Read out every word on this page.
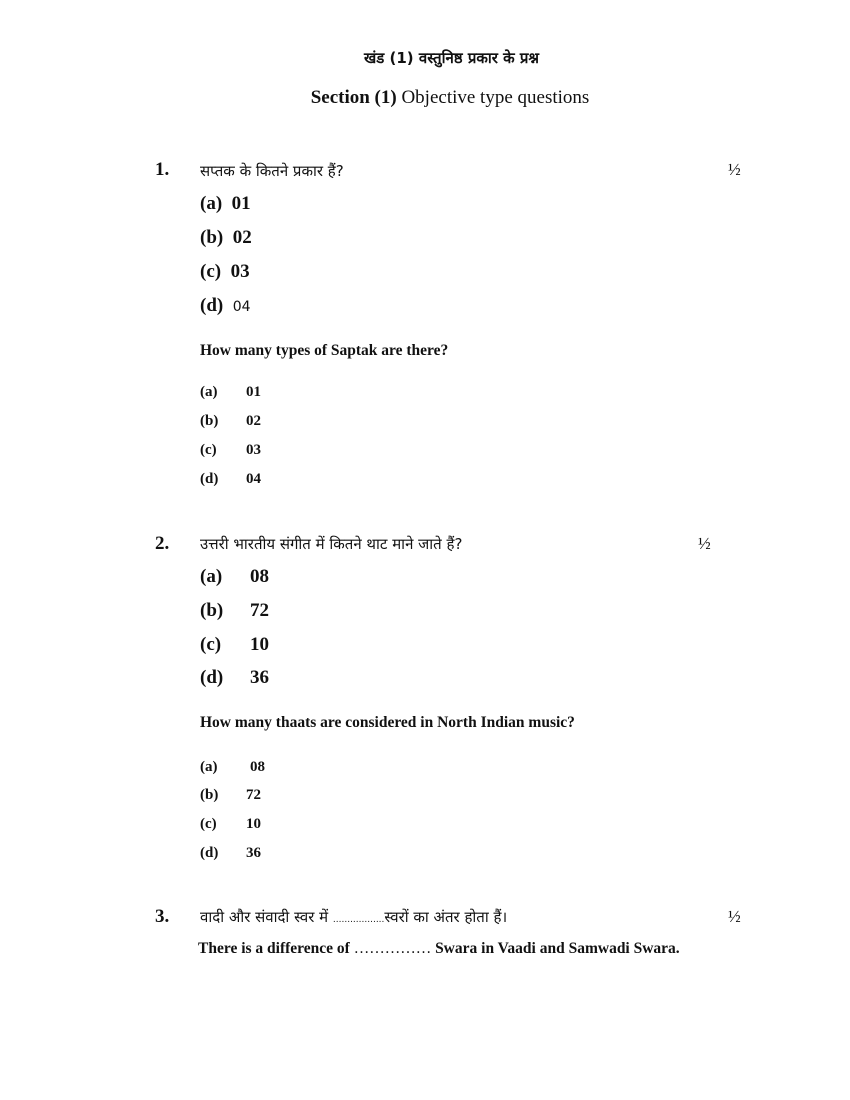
खंड (1) वस्तुनिष्ठ प्रकार के प्रश्न
Section (1) Objective type questions
1. सप्तक के कितने प्रकार हैं?	½
(a) 01
(b) 02
(c) 03
(d) 04
How many types of Saptak are there?
(a) 01
(b) 02
(c) 03
(d) 04
2. उत्तरी भारतीय संगीत में कितने थाट माने जाते हैं?	½
(a) 08
(b) 72
(c) 10
(d) 36
How many thaats are considered in North Indian music?
(a) 08
(b) 72
(c) 10
(d) 36
3. वादी और संवादी स्वर में ..................स्वरों का अंतर होता हैं।	½
There is a difference of …………… Swara in Vaadi and Samwadi Swara.
